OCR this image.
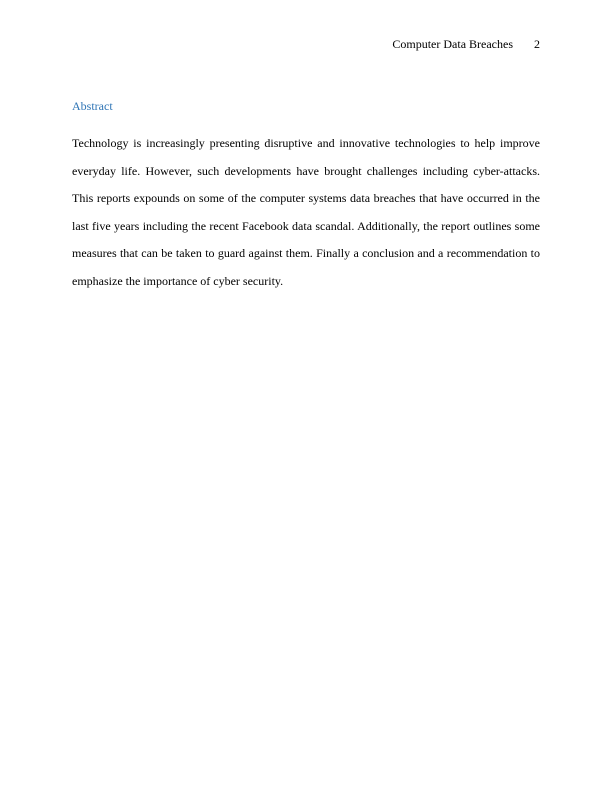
Computer Data Breaches 2
Abstract
Technology is increasingly presenting disruptive and innovative technologies to help improve
everyday life. However, such developments have brought challenges including cyber-attacks.
This reports expounds on some of the computer systems data breaches that have occurred in the
last five years including the recent Facebook data scandal. Additionally, the report outlines some
measures that can be taken to guard against them. Finally a conclusion and a recommendation to
emphasize the importance of cyber security.
